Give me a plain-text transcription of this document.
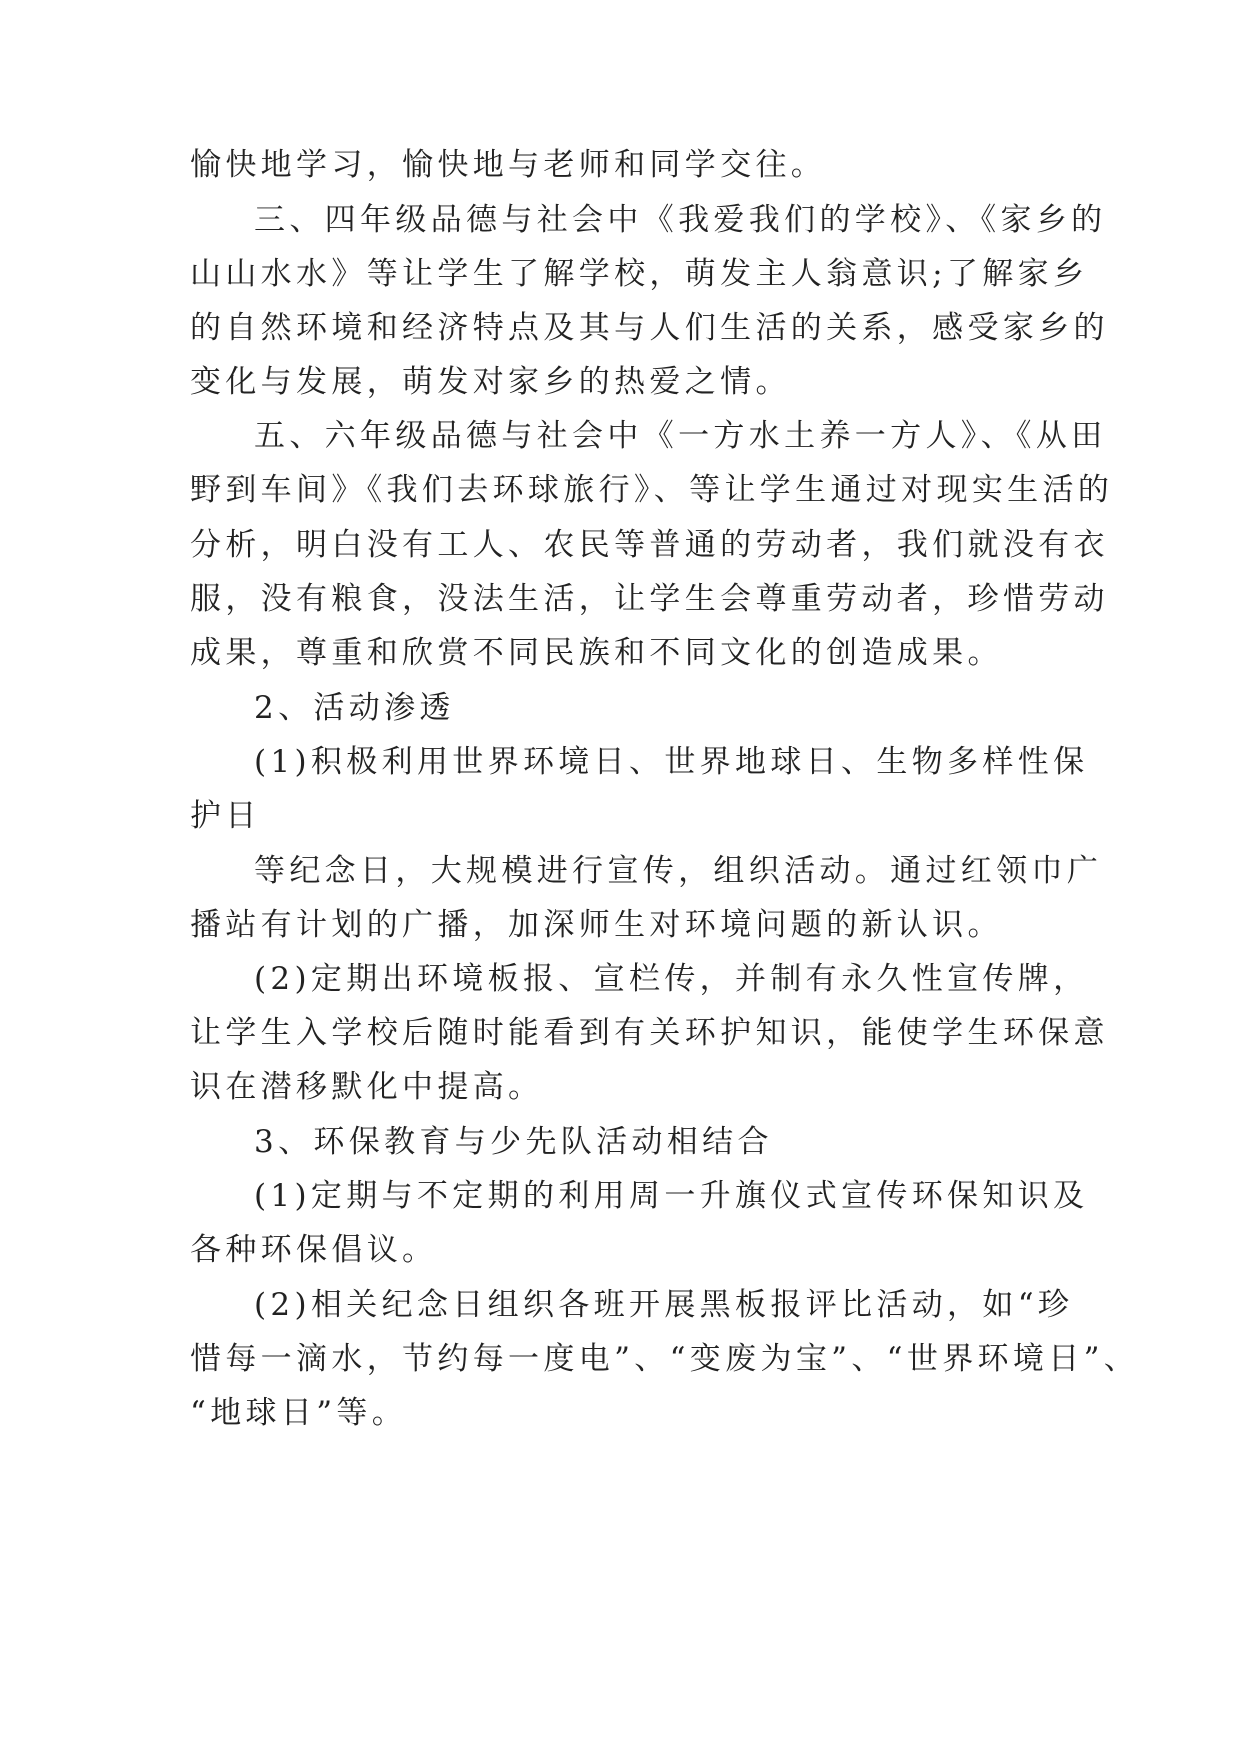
愉快地学习，愉快地与老师和同学交往。

三、四年级品德与社会中《我爱我们的学校》、《家乡的

山山水水》等让学生了解学校，萌发主人翁意识;了解家乡

的自然环境和经济特点及其与人们生活的关系，感受家乡的

变化与发展，萌发对家乡的热爱之情。

五、六年级品德与社会中《一方水土养一方人》、《从田

野到车间》《我们去环球旅行》、等让学生通过对现实生活的

分析，明白没有工人、农民等普通的劳动者，我们就没有衣

服，没有粮食，没法生活，让学生会尊重劳动者，珍惜劳动

成果，尊重和欣赏不同民族和不同文化的创造成果。

2、活动渗透

(1)积极利用世界环境日、世界地球日、生物多样性保

护日

等纪念日，大规模进行宣传，组织活动。通过红领巾广

播站有计划的广播，加深师生对环境问题的新认识。

(2)定期出环境板报、宣栏传，并制有永久性宣传牌，

让学生入学校后随时能看到有关环护知识，能使学生环保意

识在潜移默化中提高。

3、环保教育与少先队活动相结合

(1)定期与不定期的利用周一升旗仪式宣传环保知识及

各种环保倡议。

(2)相关纪念日组织各班开展黑板报评比活动，如“珍

惜每一滴水，节约每一度电”、“变废为宝”、“世界环境日”、

“地球日”等。
